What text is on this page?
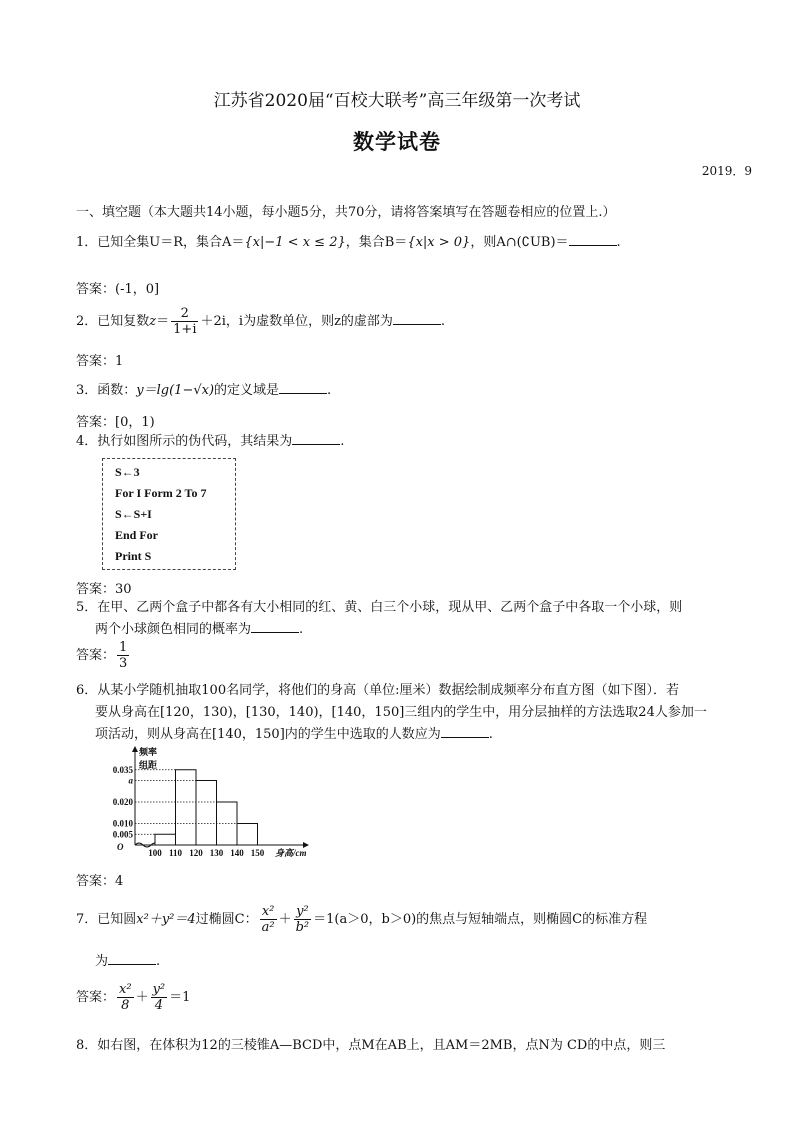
江苏省2020届“百校大联考”高三年级第一次考试
数学试卷
2019．9
一、填空题（本大题共14小题，每小题5分，共70分，请将答案填写在答题卷相应的位置上.）
1．已知全集U＝R，集合A＝{x|−1 < x ≤ 2}，集合B＝{x|x > 0}，则A∩(∁UB)＝	.
答案：(-1，0]
2．已知复数$z= \frac{2}{1+i} +2i$，i为虚数单位，则z的虚部为	.
答案：1
3．函数：y＝lg(1−√x)的定义域是	.
答案：[0，1)
4．执行如图所示的伪代码，其结果为	.
S←3
For I Form 2 To 7
S←S+I
End For
Print S
答案：30
5．在甲、乙两个盒子中都各有大小相同的红、黄、白三个小球，现从甲、乙两个盒子中各取一个小球，则
两个小球颜色相同的概率为	.
答案： $\frac{1}{3}$
6．从某小学随机抽取100名同学，将他们的身高（单位:厘米）数据绘制成频率分布直方图（如下图）．若
要从身高在[120，130)，[130，140)，[140，150]三组内的学生中，用分层抽样的方法选取24人参加一
项活动，则从身高在[140，150]内的学生中选取的人数应为	.
频率
组距
O
身高/cm
0.035
a
0.020
0.010
0.005
100 110 120 130 140 150
答案：4
7．已知圆x²＋y²＝4过椭圆C： $\frac{\text{x²}}{\text{a²}} + \frac{\text{y²}}{\text{b²}} =1(a>0$，b＞0)的焦点与短轴端点，则椭圆C的标准方程
为	.
答案： $\frac{\text{x²}}{8} + \frac{\text{y²}}{4} =1$
8．如右图，在体积为12的三棱锥A—BCD中，点M在AB上，且AM＝2MB，点N为 CD的中点，则三
